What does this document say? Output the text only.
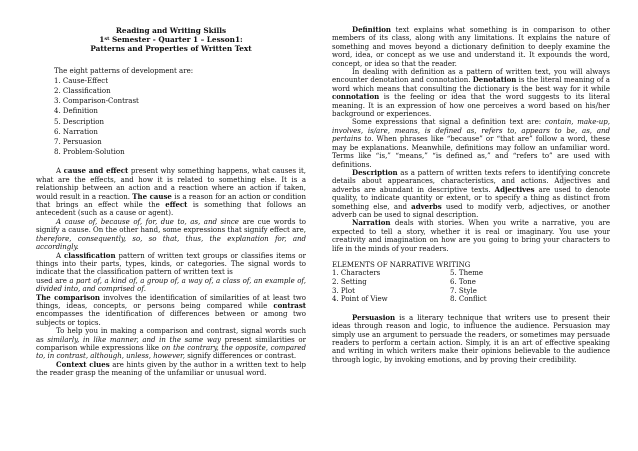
Reading and Writing Skills
1st Semester - Quarter 1 – Lesson1:
Patterns and Properties of Written Text
The eight patterns of development are:
1. Cause-Effect
2. Classification
3. Comparison-Contrast
4. Definition
5. Description
6. Narration
7. Persuasion
8. Problem-Solution

A cause and effect present why something happens, what causes it, what are the effects, and how it is related to something else. It is a relationship between an action and a reaction where an action if taken, would result in a reaction. The cause is a reason for an action or condition that brings an effect while the effect is something that follows an antecedent (such as a cause or agent).

A cause of, because of, for, due to, as, and since are cue words to signify a cause. On the other hand, some expressions that signify effect are, therefore, consequently, so, so that, thus, the explanation for, and accordingly.

A classification pattern of written text groups or classifies items or things into their parts, types, kinds, or categories. The signal words to indicate that the classification pattern of written text is

used are a part of, a kind of, a group of, a way of, a class of, an example of, divided into, and comprised of.

The comparison involves the identification of similarities of at least two things, ideas, concepts, or persons being compared while contrast encompasses the identification of differences between or among two subjects or topics.

To help you in making a comparison and contrast, signal words such as similarly, in like manner, and in the same way present similarities or comparison while expressions like on the contrary, the opposite, compared to, in contrast, although, unless, however, signify differences or contrast.

Context clues are hints given by the author in a written text to help the reader grasp the meaning of the unfamiliar or unusual word.

Definition text explains what something is in comparison to other members of its class, along with any limitations. It explains the nature of something and moves beyond a dictionary definition to deeply examine the word, idea, or concept as we use and understand it. It expounds the word, concept, or idea so that the reader.

In dealing with definition as a pattern of written text, you will always encounter denotation and connotation. Denotation is the literal meaning of a word which means that consulting the dictionary is the best way for it while connotation is the feeling or idea that the word suggests to its literal meaning. It is an expression of how one perceives a word based on his/her background or experiences.

Some expressions that signal a definition text are: contain, make-up, involves, is/are, means, is defined as, refers to, appears to be, as, and pertains to. When phrases like “because” or “that are” follow a word, these may be explanations. Meanwhile, definitions may follow an unfamiliar word. Terms like “is,” “means,” “is defined as,” and “refers to” are used with definitions.

Description as a pattern of written texts refers to identifying concrete details about appearances, characteristics, and actions. Adjectives and adverbs are abundant in descriptive texts. Adjectives are used to denote quality, to indicate quantity or extent, or to specify a thing as distinct from something else, and adverbs used to modify verb, adjectives, or another adverb can be used to signal description.

Narration deals with stories. When you write a narrative, you are expected to tell a story, whether it is real or imaginary. You use your creativity and imagination on how are you going to bring your characters to life in the minds of your readers.

ELEMENTS OF NARRATIVE WRITING
1. Characters	5. Theme
2. Setting	6. Tone
3. Plot	7. Style
4. Point of View	8. Conflict

Persuasion is a literary technique that writers use to present their ideas through reason and logic, to influence the audience. Persuasion may simply use an argument to persuade the readers, or sometimes may persuade readers to perform a certain action. Simply, it is an art of effective speaking and writing in which writers make their opinions believable to the audience through logic, by invoking emotions, and by proving their credibility.
